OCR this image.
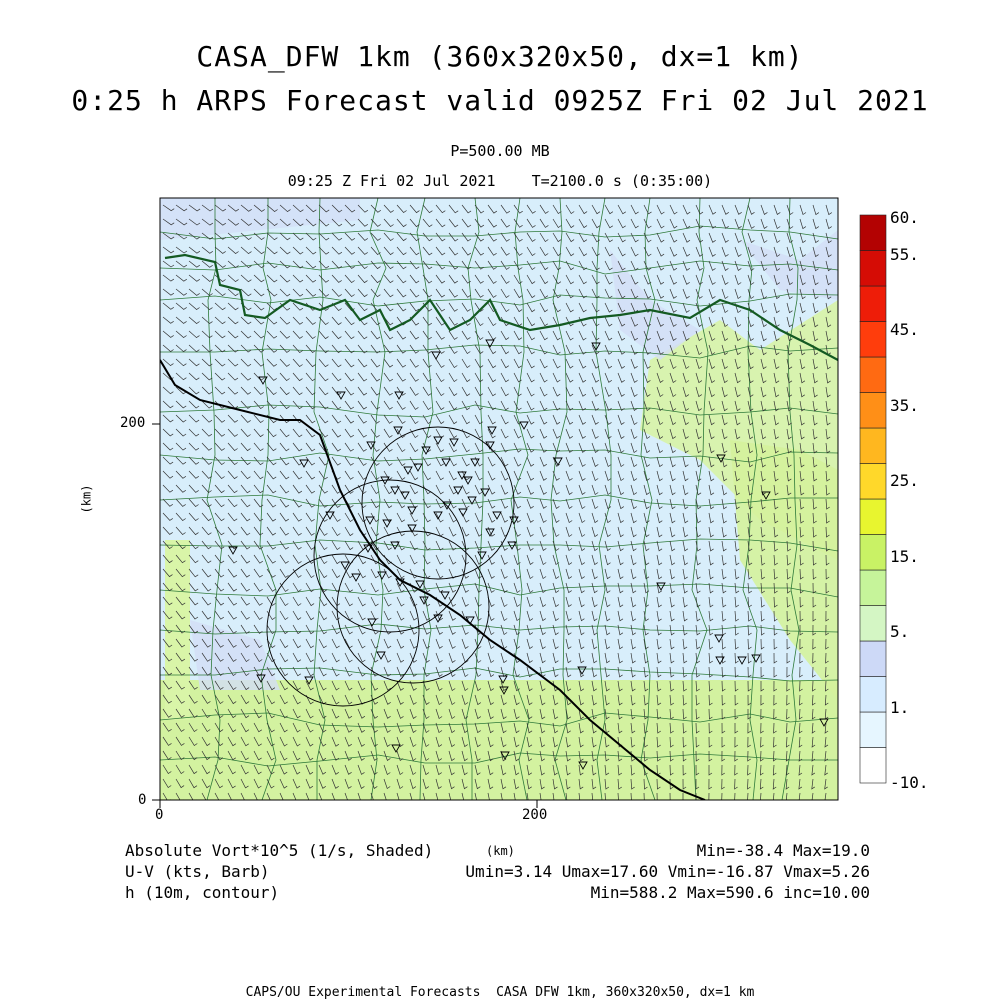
CASA_DFW 1km (360x320x50, dx=1 km)
0:25 h ARPS Forecast valid 0925Z Fri 02 Jul 2021
P=500.00 MB
09:25 Z Fri 02 Jul 2021    T=2100.0 s (0:35:00)
0	200
0
200
(km)
(km)
60.
55.
45.
35.
25.
15.
5.
1.
-10.
Absolute Vort*10^5 (1/s, Shaded)
U-V (kts, Barb)
h (10m, contour)
Min=-38.4 Max=19.0
Umin=3.14 Umax=17.60 Vmin=-16.87 Vmax=5.26
Min=588.2 Max=590.6 inc=10.00
CAPS/OU Experimental Forecasts  CASA DFW 1km, 360x320x50, dx=1 km
